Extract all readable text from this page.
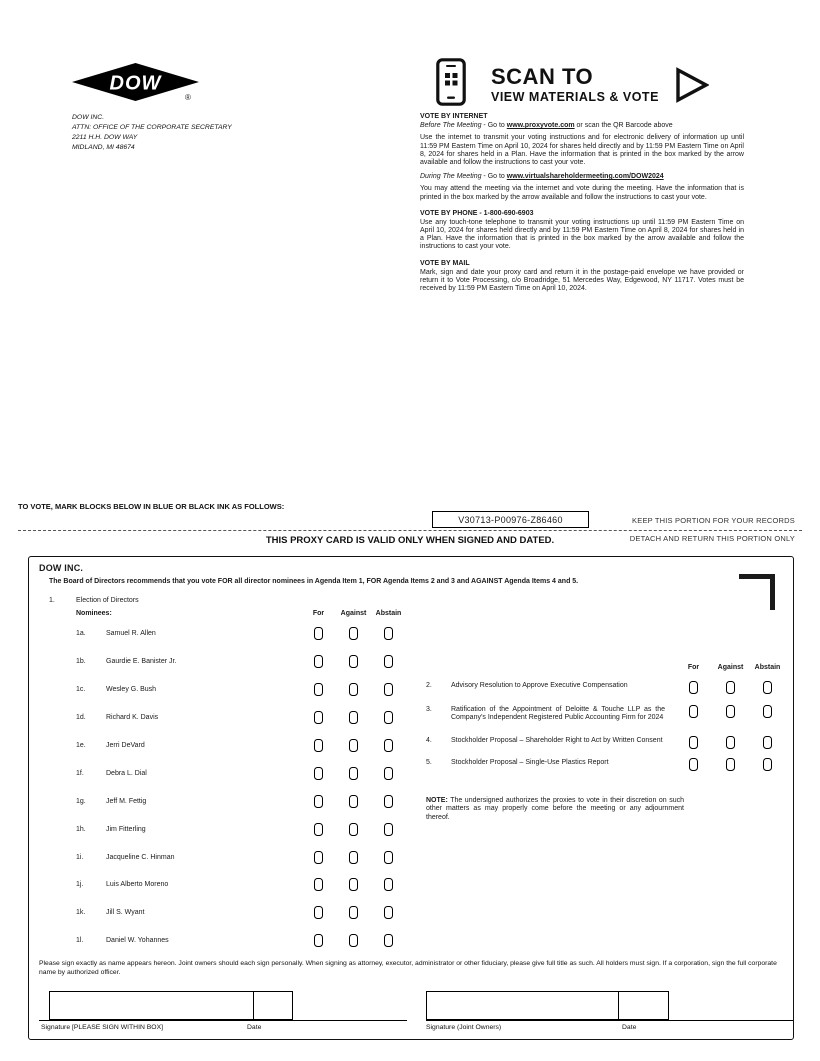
DOW
®
DOW INC.
ATTN: OFFICE OF THE CORPORATE SECRETARY
2211 H.H. DOW WAY
MIDLAND, MI 48674
SCAN TO
VIEW MATERIALS & VOTE
VOTE BY INTERNET
Before The Meeting - Go to www.proxyvote.com or scan the QR Barcode above
Use the internet to transmit your voting instructions and for electronic delivery of information up until 11:59 PM Eastern Time on April 10, 2024 for shares held directly and by 11:59 PM Eastern Time on April 8, 2024 for shares held in a Plan. Have the information that is printed in the box marked by the arrow available and follow the instructions to cast your vote.
During The Meeting - Go to www.virtualshareholdermeeting.com/DOW2024
You may attend the meeting via the internet and vote during the meeting. Have the information that is printed in the box marked by the arrow available and follow the instructions to cast your vote.
VOTE BY PHONE - 1-800-690-6903
Use any touch-tone telephone to transmit your voting instructions up until 11:59 PM Eastern Time on April 10, 2024 for shares held directly and by 11:59 PM Eastern Time on April 8, 2024 for shares held in a Plan. Have the information that is printed in the box marked by the arrow available and follow the instructions to cast your vote.
VOTE BY MAIL
Mark, sign and date your proxy card and return it in the postage-paid envelope we have provided or return it to Vote Processing, c/o Broadridge, 51 Mercedes Way, Edgewood, NY 11717. Votes must be received by 11:59 PM Eastern Time on April 10, 2024.
TO VOTE, MARK BLOCKS BELOW IN BLUE OR BLACK INK AS FOLLOWS:
V30713-P00976-Z86460	KEEP THIS PORTION FOR YOUR RECORDS
THIS PROXY CARD IS VALID ONLY WHEN SIGNED AND DATED.	DETACH AND RETURN THIS PORTION ONLY
DOW INC.
The Board of Directors recommends that you vote FOR all director nominees in Agenda Item 1, FOR Agenda Items 2 and 3 and AGAINST Agenda Items 4 and 5.
1.	Election of Directors
Nominees:	For	Against	Abstain
1a.	Samuel R. Allen
1b.	Gaurdie E. Banister Jr.
1c.	Wesley G. Bush
1d.	Richard K. Davis
1e.	Jerri DeVard
1f.	Debra L. Dial
1g.	Jeff M. Fettig
1h.	Jim Fitterling
1i.	Jacqueline C. Hinman
1j.	Luis Alberto Moreno
1k.	Jill S. Wyant
1l.	Daniel W. Yohannes
For	Against	Abstain
2.	Advisory Resolution to Approve Executive Compensation
3.	Ratification of the Appointment of Deloitte & Touche LLP as the Company’s Independent Registered Public Accounting Firm for 2024
4.	Stockholder Proposal – Shareholder Right to Act by Written Consent
5.	Stockholder Proposal – Single-Use Plastics Report
NOTE: The undersigned authorizes the proxies to vote in their discretion on such other matters as may properly come before the meeting or any adjournment thereof.
Please sign exactly as name appears hereon. Joint owners should each sign personally. When signing as attorney, executor, administrator or other fiduciary, please give full title as such. All holders must sign. If a corporation, sign the full corporate name by authorized officer.
Signature [PLEASE SIGN WITHIN BOX]	Date	Signature (Joint Owners)	Date
